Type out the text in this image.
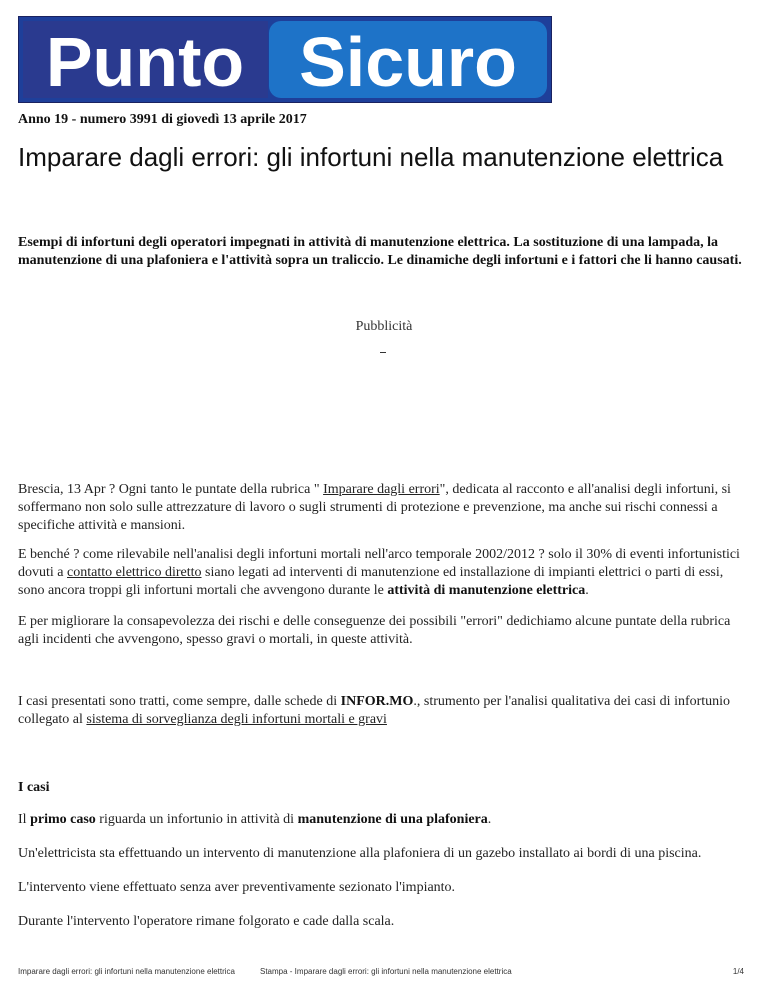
Punto Sicuro
Anno 19 - numero 3991 di giovedì 13 aprile 2017
Imparare dagli errori: gli infortuni nella manutenzione elettrica

Esempi di infortuni degli operatori impegnati in attività di manutenzione elettrica. La sostituzione di una lampada, la manutenzione di una plafoniera e l'attività sopra un traliccio. Le dinamiche degli infortuni e i fattori che li hanno causati.

Pubblicità

Brescia, 13 Apr ? Ogni tanto le puntate della rubrica " Imparare dagli errori", dedicata al racconto e all'analisi degli infortuni, si soffermano non solo sulle attrezzature di lavoro o sugli strumenti di protezione e prevenzione, ma anche sui rischi connessi a specifiche attività e mansioni.

E benché ? come rilevabile nell'analisi degli infortuni mortali nell'arco temporale 2002/2012 ? solo il 30% di eventi infortunistici dovuti a contatto elettrico diretto siano legati ad interventi di manutenzione ed installazione di impianti elettrici o parti di essi, sono ancora troppi gli infortuni mortali che avvengono durante le attività di manutenzione elettrica.

E per migliorare la consapevolezza dei rischi e delle conseguenze dei possibili "errori" dedichiamo alcune puntate della rubrica agli incidenti che avvengono, spesso gravi o mortali, in queste attività.

I casi presentati sono tratti, come sempre, dalle schede di INFOR.MO., strumento per l'analisi qualitativa dei casi di infortunio collegato al sistema di sorveglianza degli infortuni mortali e gravi

I casi

Il primo caso riguarda un infortunio in attività di manutenzione di una plafoniera.

Un'elettricista sta effettuando un intervento di manutenzione alla plafoniera di un gazebo installato ai bordi di una piscina.

L'intervento viene effettuato senza aver preventivamente sezionato l'impianto.

Durante l'intervento l'operatore rimane folgorato e cade dalla scala.

Imparare dagli errori: gli infortuni nella manutenzione elettrica	Stampa - Imparare dagli errori: gli infortuni nella manutenzione elettrica	1/4
